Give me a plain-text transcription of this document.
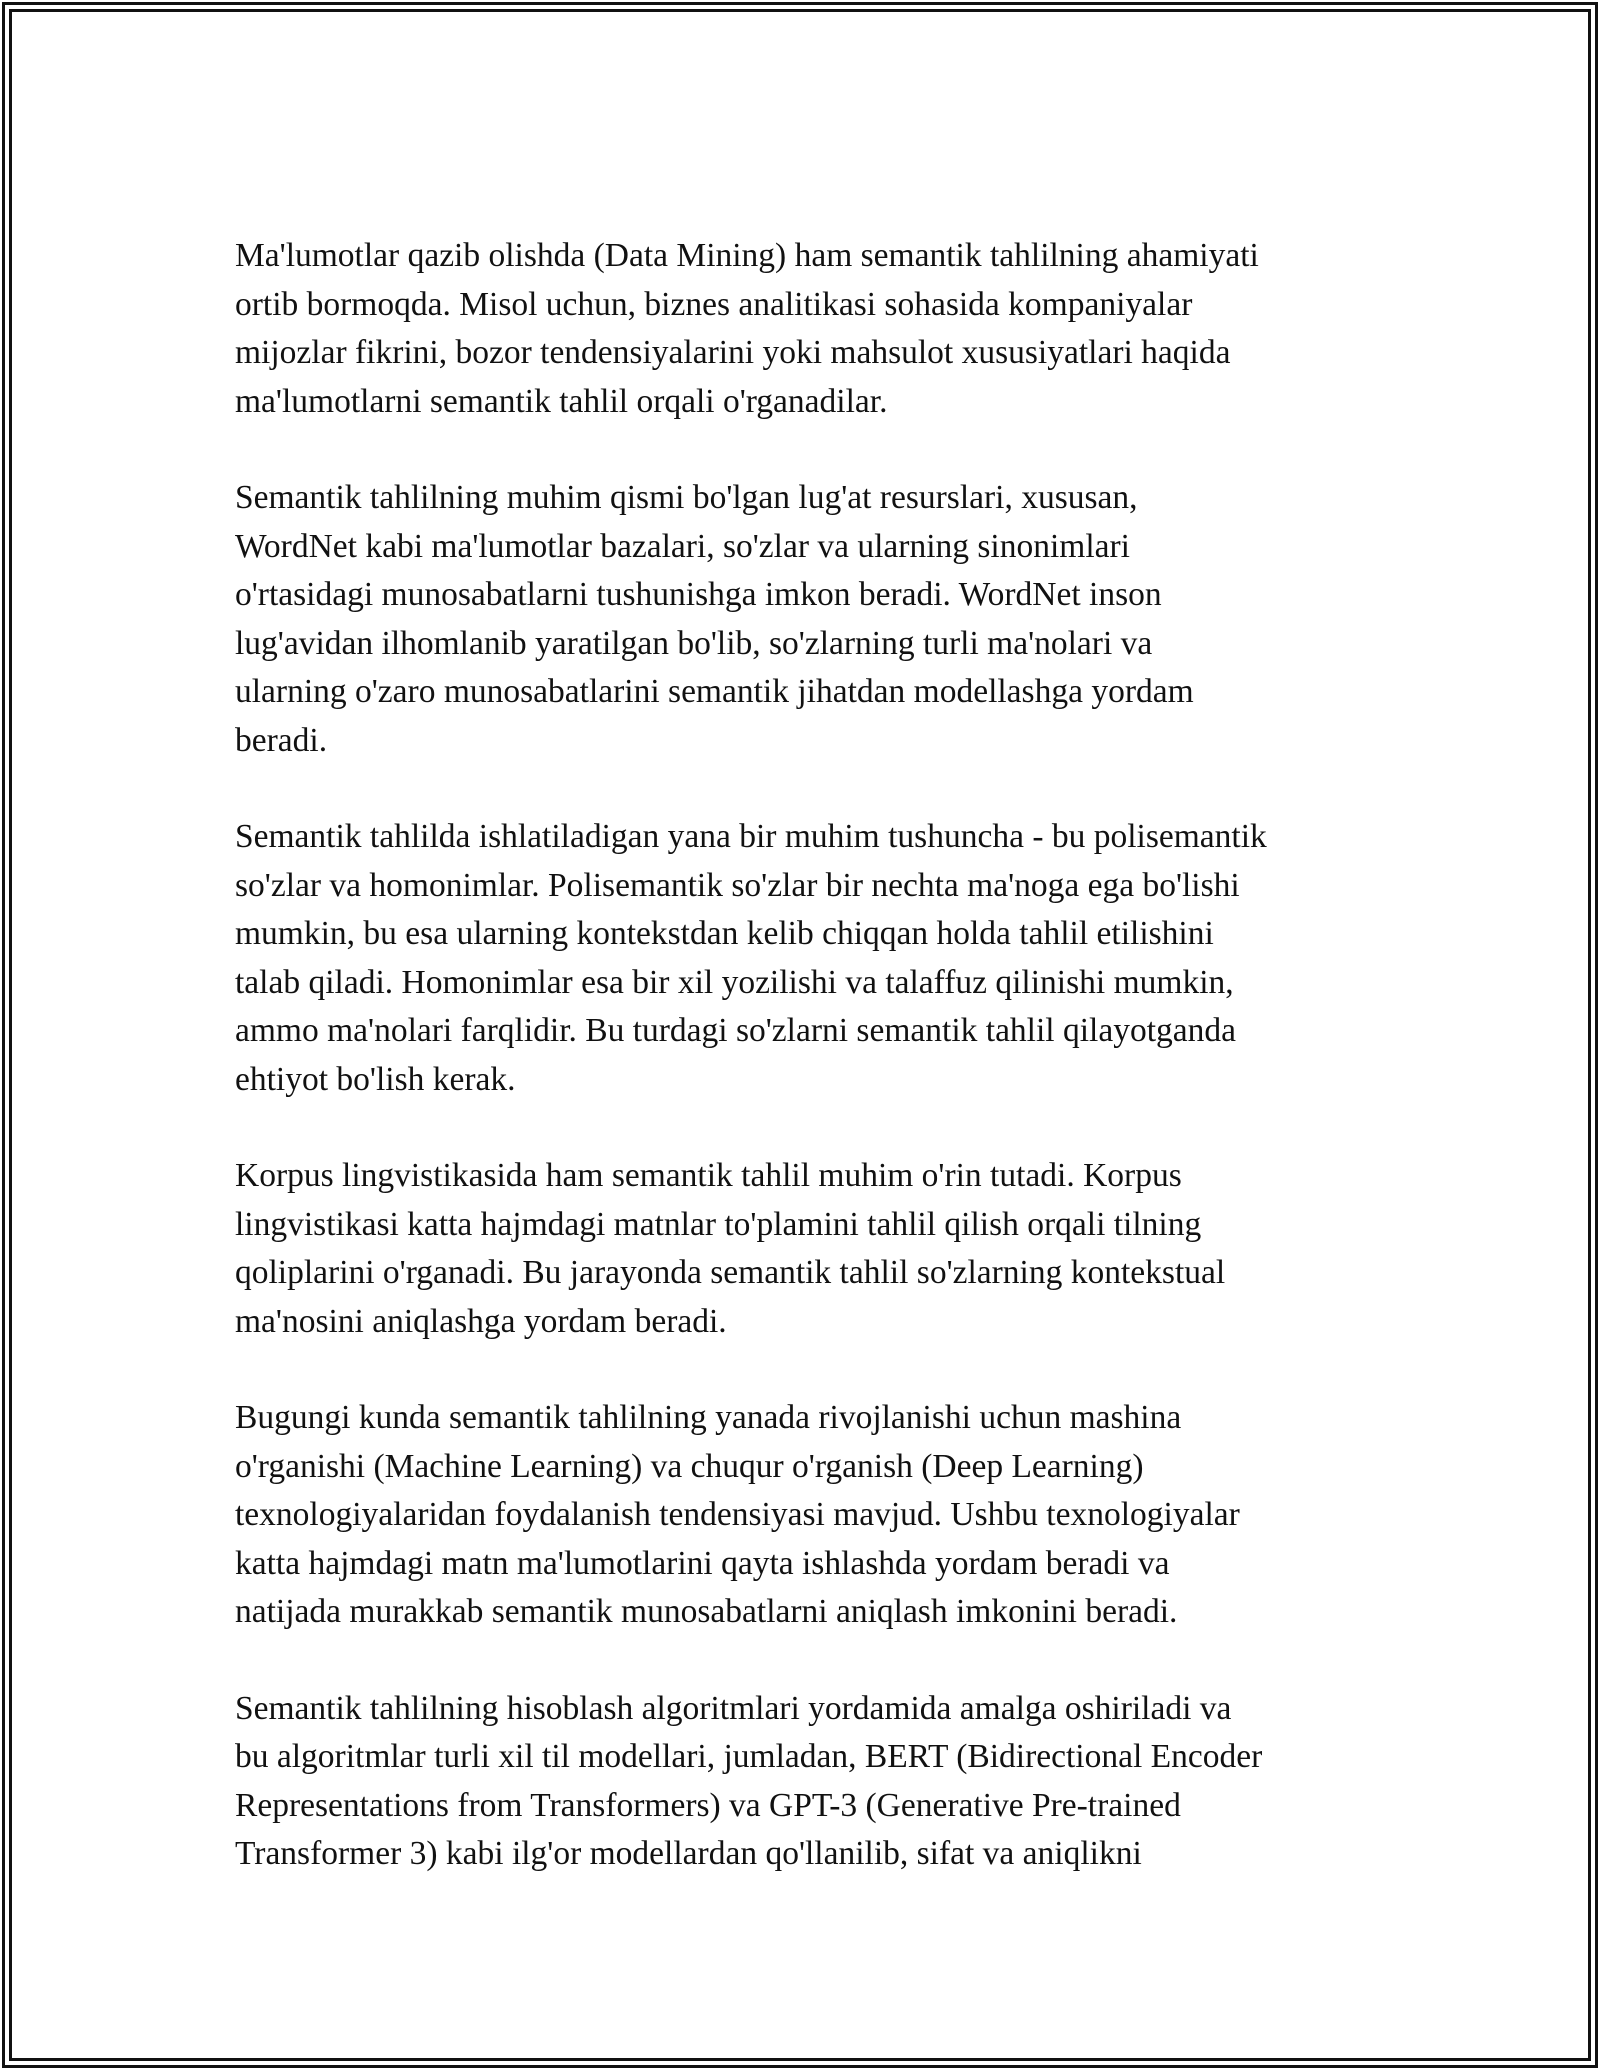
Ma'lumotlar qazib olishda (Data Mining) ham semantik tahlilning ahamiyati
ortib bormoqda. Misol uchun, biznes analitikasi sohasida kompaniyalar
mijozlar fikrini, bozor tendensiyalarini yoki mahsulot xususiyatlari haqida
ma'lumotlarni semantik tahlil orqali o'rganadilar.

Semantik tahlilning muhim qismi bo'lgan lug'at resurslari, xususan,
WordNet kabi ma'lumotlar bazalari, so'zlar va ularning sinonimlari
o'rtasidagi munosabatlarni tushunishga imkon beradi. WordNet inson
lug'avidan ilhomlanib yaratilgan bo'lib, so'zlarning turli ma'nolari va
ularning o'zaro munosabatlarini semantik jihatdan modellashga yordam
beradi.

Semantik tahlilda ishlatiladigan yana bir muhim tushuncha - bu polisemantik
so'zlar va homonimlar. Polisemantik so'zlar bir nechta ma'noga ega bo'lishi
mumkin, bu esa ularning kontekstdan kelib chiqqan holda tahlil etilishini
talab qiladi. Homonimlar esa bir xil yozilishi va talaffuz qilinishi mumkin,
ammo ma'nolari farqlidir. Bu turdagi so'zlarni semantik tahlil qilayotganda
ehtiyot bo'lish kerak.

Korpus lingvistikasida ham semantik tahlil muhim o'rin tutadi. Korpus
lingvistikasi katta hajmdagi matnlar to'plamini tahlil qilish orqali tilning
qoliplarini o'rganadi. Bu jarayonda semantik tahlil so'zlarning kontekstual
ma'nosini aniqlashga yordam beradi.

Bugungi kunda semantik tahlilning yanada rivojlanishi uchun mashina
o'rganishi (Machine Learning) va chuqur o'rganish (Deep Learning)
texnologiyalaridan foydalanish tendensiyasi mavjud. Ushbu texnologiyalar
katta hajmdagi matn ma'lumotlarini qayta ishlashda yordam beradi va
natijada murakkab semantik munosabatlarni aniqlash imkonini beradi.

Semantik tahlilning hisoblash algoritmlari yordamida amalga oshiriladi va
bu algoritmlar turli xil til modellari, jumladan, BERT (Bidirectional Encoder
Representations from Transformers) va GPT-3 (Generative Pre-trained
Transformer 3) kabi ilg'or modellardan qo'llanilib, sifat va aniqlikni
